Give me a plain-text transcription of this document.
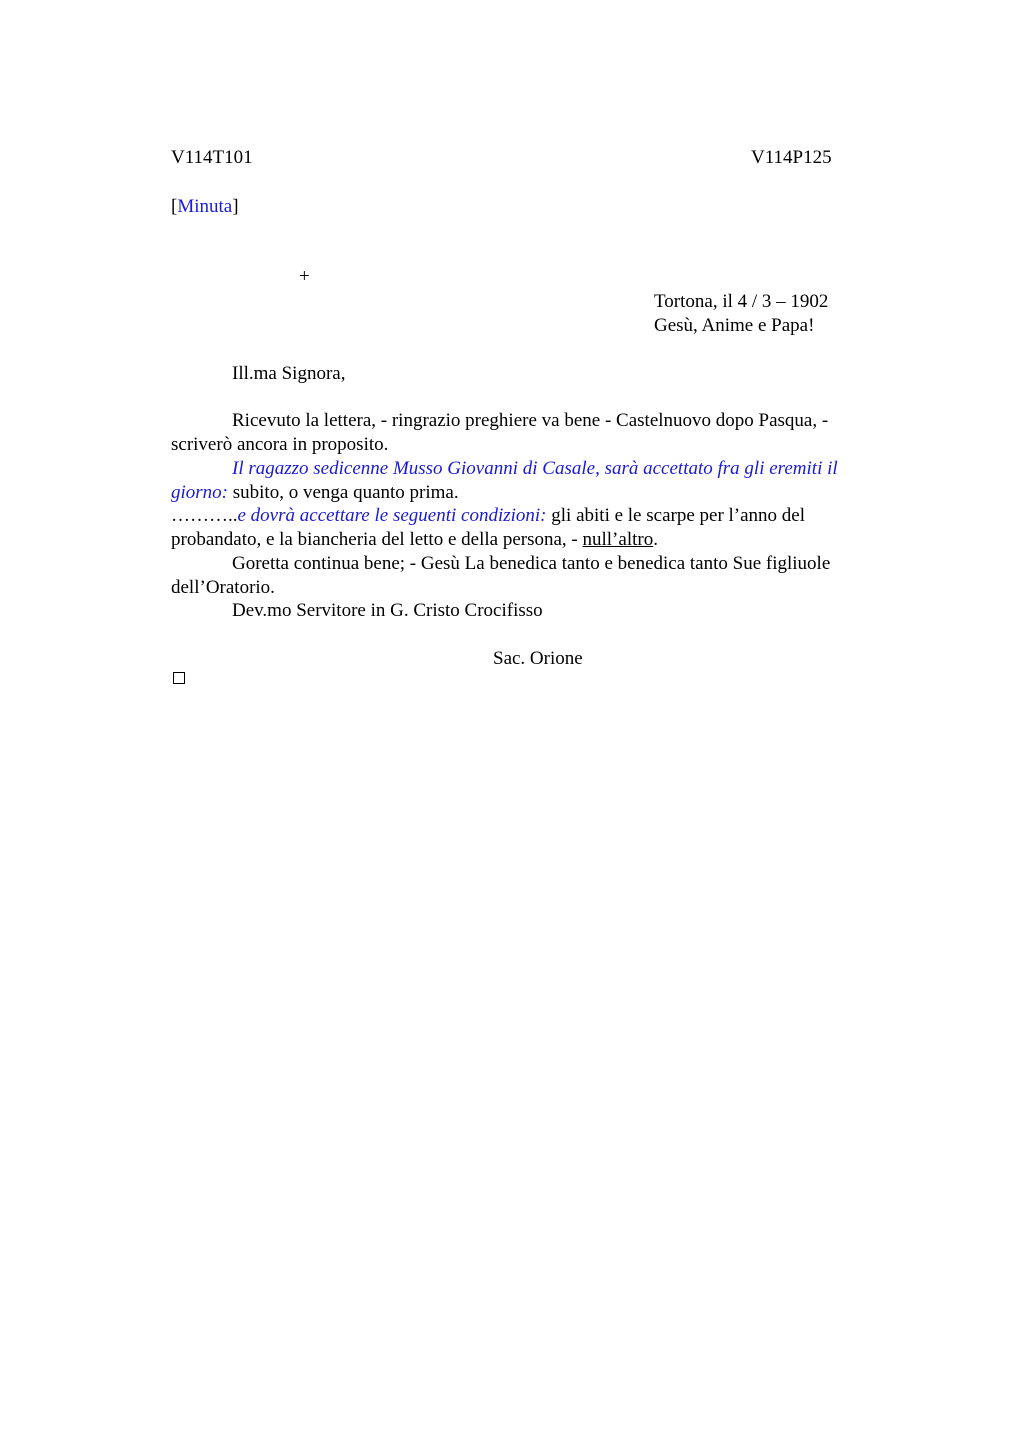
V114T101	V114P125
[Minuta]
+
Tortona, il 4 / 3 – 1902
Gesù, Anime e Papa!
Ill.ma Signora,
Ricevuto la lettera, - ringrazio preghiere va bene - Castelnuovo dopo Pasqua, -
scriverò ancora in proposito.
Il ragazzo sedicenne Musso Giovanni di Casale, sarà accettato fra gli eremiti il
giorno: subito, o venga quanto prima.
………..e dovrà accettare le seguenti condizioni: gli abiti e le scarpe per l’anno del
probandato, e la biancheria del letto e della persona, - null’altro.
Goretta continua bene; - Gesù La benedica tanto e benedica tanto Sue figliuole
dell’Oratorio.
Dev.mo Servitore in G. Cristo Crocifisso
Sac. Orione
